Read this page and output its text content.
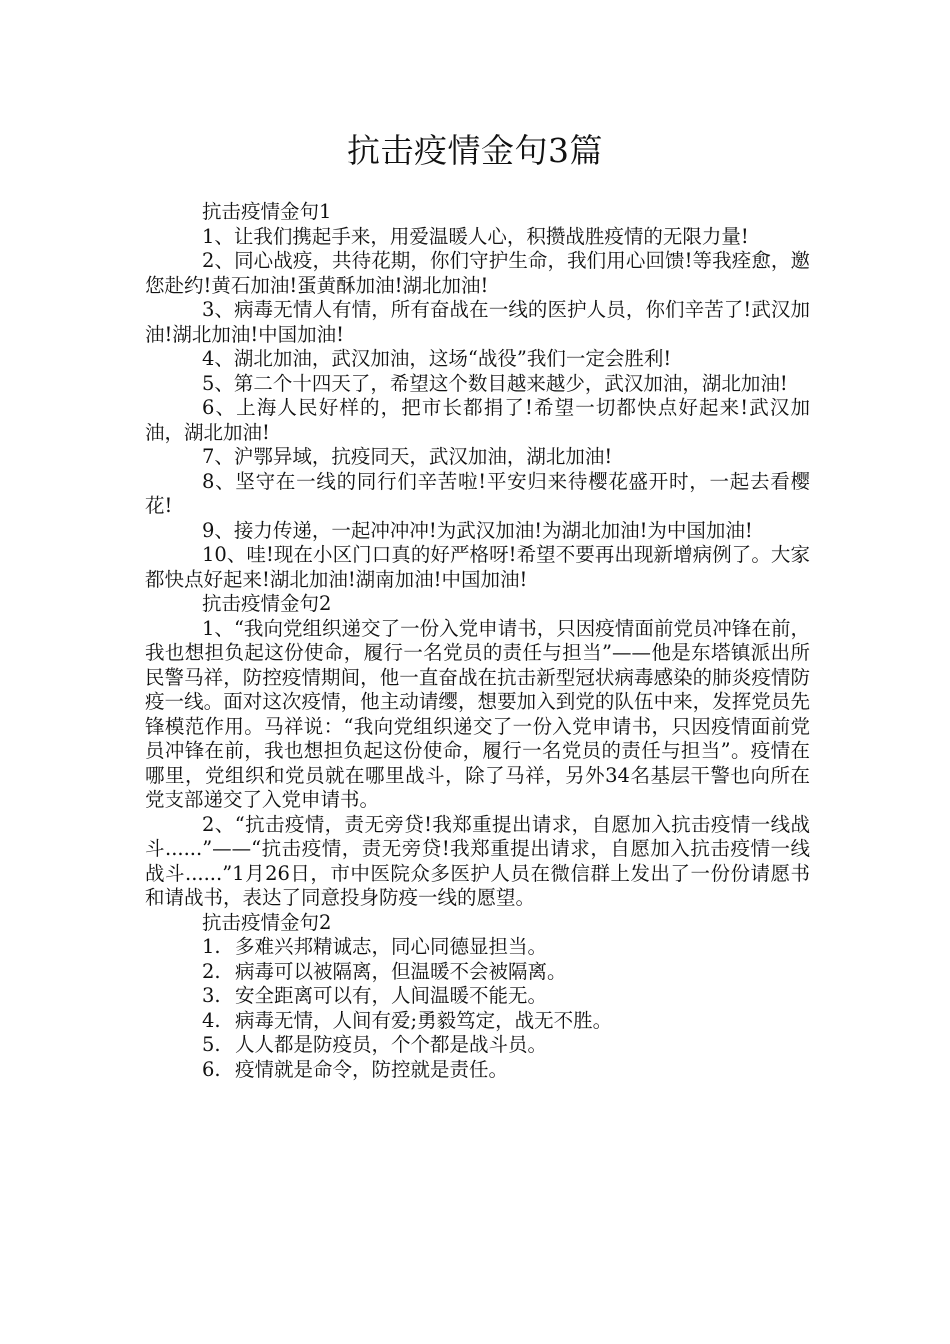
抗击疫情金句3篇

抗击疫情金句1

1、让我们携起手来，用爱温暖人心，积攒战胜疫情的无限力量!

2、同心战疫，共待花期，你们守护生命，我们用心回馈!等我痊愈，邀您赴约!黄石加油!蛋黄酥加油!湖北加油!

3、病毒无情人有情，所有奋战在一线的医护人员，你们辛苦了!武汉加油!湖北加油!中国加油!

4、湖北加油，武汉加油，这场“战役”我们一定会胜利!

5、第二个十四天了，希望这个数目越来越少，武汉加油，湖北加油!

6、上海人民好样的，把市长都捐了!希望一切都快点好起来!武汉加油，湖北加油!

7、沪鄂异域，抗疫同天，武汉加油，湖北加油!

8、坚守在一线的同行们辛苦啦!平安归来待樱花盛开时，一起去看樱花!

9、接力传递，一起冲冲冲!为武汉加油!为湖北加油!为中国加油!

10、哇!现在小区门口真的好严格呀!希望不要再出现新增病例了。大家都快点好起来!湖北加油!湖南加油!中国加油!

抗击疫情金句2

1、“我向党组织递交了一份入党申请书，只因疫情面前党员冲锋在前，我也想担负起这份使命，履行一名党员的责任与担当”——他是东塔镇派出所民警马祥，防控疫情期间，他一直奋战在抗击新型冠状病毒感染的肺炎疫情防疫一线。面对这次疫情，他主动请缨，想要加入到党的队伍中来，发挥党员先锋模范作用。马祥说：“我向党组织递交了一份入党申请书，只因疫情面前党员冲锋在前，我也想担负起这份使命，履行一名党员的责任与担当”。疫情在哪里，党组织和党员就在哪里战斗，除了马祥，另外34名基层干警也向所在党支部递交了入党申请书。

2、“抗击疫情，责无旁贷!我郑重提出请求，自愿加入抗击疫情一线战斗......”——“抗击疫情，责无旁贷!我郑重提出请求，自愿加入抗击疫情一线战斗......”1月26日，市中医院众多医护人员在微信群上发出了一份份请愿书和请战书，表达了同意投身防疫一线的愿望。

抗击疫情金句2

1. 多难兴邦精诚志，同心同德显担当。

2. 病毒可以被隔离，但温暖不会被隔离。

3. 安全距离可以有，人间温暖不能无。

4. 病毒无情，人间有爱;勇毅笃定，战无不胜。

5. 人人都是防疫员，个个都是战斗员。

6. 疫情就是命令，防控就是责任。
